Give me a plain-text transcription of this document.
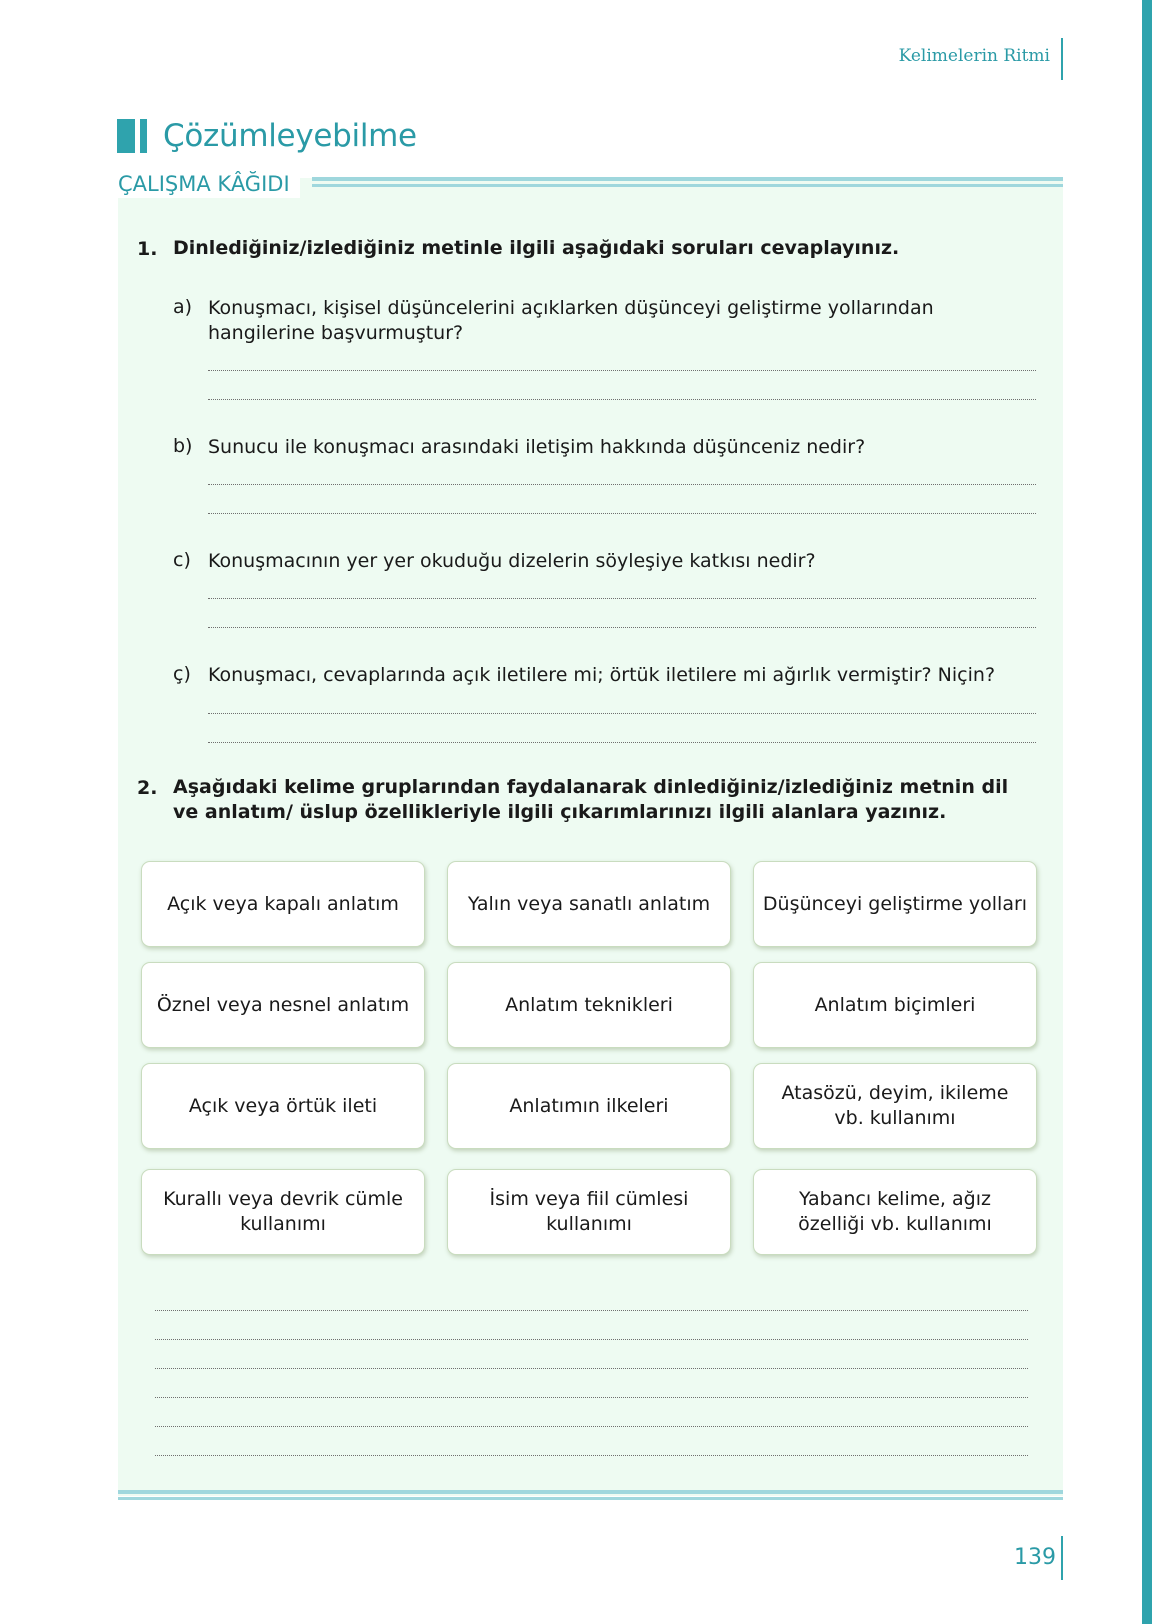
Kelimelerin Ritmi
Çözümleyebilme
ÇALIŞMA KÂĞIDI
1. Dinlediğiniz/izlediğiniz metinle ilgili aşağıdaki soruları cevaplayınız.
a) Konuşmacı, kişisel düşüncelerini açıklarken düşünceyi geliştirme yollarından hangilerine başvurmuştur?
b) Sunucu ile konuşmacı arasındaki iletişim hakkında düşünceniz nedir?
c) Konuşmacının yer yer okuduğu dizelerin söyleşiye katkısı nedir?
ç) Konuşmacı, cevaplarında açık iletilere mi; örtük iletilere mi ağırlık vermiştir? Niçin?
2. Aşağıdaki kelime gruplarından faydalanarak dinlediğiniz/izlediğiniz metnin dil ve anlatım/ üslup özellikleriyle ilgili çıkarımlarınızı ilgili alanlara yazınız.
Açık veya kapalı anlatım	Yalın veya sanatlı anlatım	Düşünceyi geliştirme yolları
Öznel veya nesnel anlatım	Anlatım teknikleri	Anlatım biçimleri
Açık veya örtük ileti	Anlatımın ilkeleri
Atasözü, deyim, ikileme
vb. kullanımı
Kurallı veya devrik cümle
kullanımı
İsim veya fiil cümlesi
kullanımı
Yabancı kelime, ağız
özelliği vb. kullanımı
139
